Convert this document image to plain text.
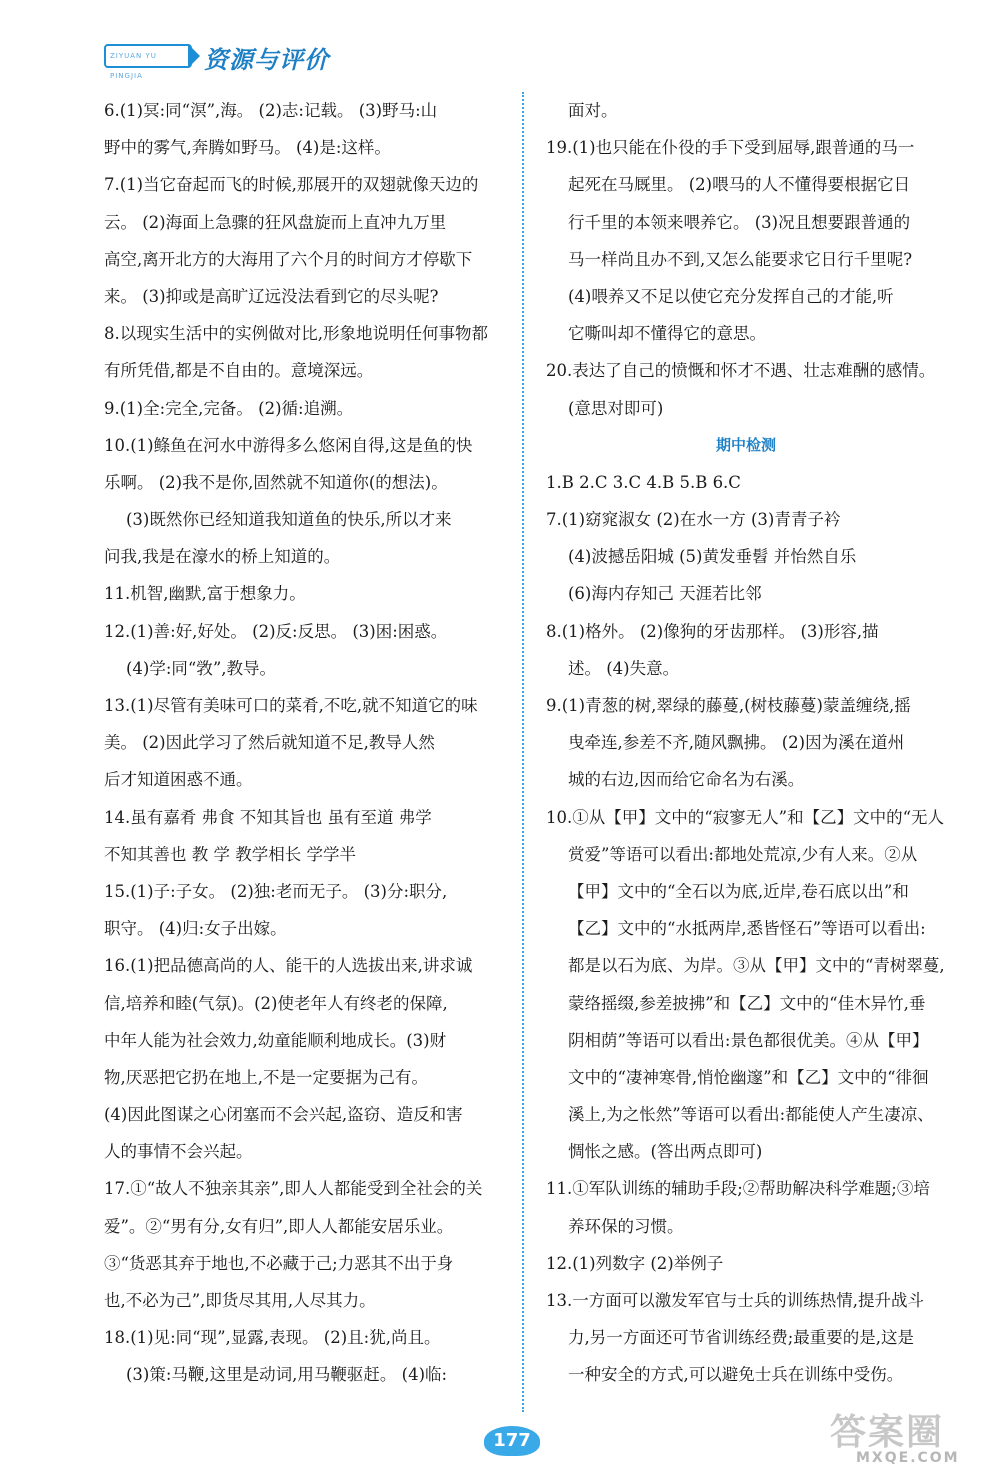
ZIYUAN YU PINGJIA
资源与评价
6.(1)冥:同“溟”,海。 (2)志:记载。 (3)野马:山
野中的雾气,奔腾如野马。 (4)是:这样。
7.(1)当它奋起而飞的时候,那展开的双翅就像天边的
云。 (2)海面上急骤的狂风盘旋而上直冲九万里
高空,离开北方的大海用了六个月的时间方才停歇下
来。 (3)抑或是高旷辽远没法看到它的尽头呢?
8.以现实生活中的实例做对比,形象地说明任何事物都
有所凭借,都是不自由的。意境深远。
9.(1)全:完全,完备。 (2)循:追溯。
10.(1)鲦鱼在河水中游得多么悠闲自得,这是鱼的快
乐啊。 (2)我不是你,固然就不知道你(的想法)。
(3)既然你已经知道我知道鱼的快乐,所以才来
问我,我是在濠水的桥上知道的。
11.机智,幽默,富于想象力。
12.(1)善:好,好处。 (2)反:反思。 (3)困:困惑。
(4)学:同“敩”,教导。
13.(1)尽管有美味可口的菜肴,不吃,就不知道它的味
美。 (2)因此学习了然后就知道不足,教导人然
后才知道困惑不通。
14.虽有嘉肴 弗食 不知其旨也 虽有至道 弗学
不知其善也 教 学 教学相长 学学半
15.(1)子:子女。 (2)独:老而无子。 (3)分:职分,
职守。 (4)归:女子出嫁。
16.(1)把品德高尚的人、能干的人选拔出来,讲求诚
信,培养和睦(气氛)。(2)使老年人有终老的保障,
中年人能为社会效力,幼童能顺利地成长。(3)财
物,厌恶把它扔在地上,不是一定要据为己有。
(4)因此图谋之心闭塞而不会兴起,盗窃、造反和害
人的事情不会兴起。
17.①“故人不独亲其亲”,即人人都能受到全社会的关
爱”。②“男有分,女有归”,即人人都能安居乐业。
③“货恶其弃于地也,不必藏于己;力恶其不出于身
也,不必为己”,即货尽其用,人尽其力。
18.(1)见:同“现”,显露,表现。 (2)且:犹,尚且。
(3)策:马鞭,这里是动词,用马鞭驱赶。 (4)临:
面对。
19.(1)也只能在仆役的手下受到屈辱,跟普通的马一
起死在马厩里。 (2)喂马的人不懂得要根据它日
行千里的本领来喂养它。 (3)况且想要跟普通的
马一样尚且办不到,又怎么能要求它日行千里呢?
(4)喂养又不足以使它充分发挥自己的才能,听
它嘶叫却不懂得它的意思。
20.表达了自己的愤慨和怀才不遇、壮志难酬的感情。
(意思对即可)
期中检测
1.B 2.C 3.C 4.B 5.B 6.C
7.(1)窈窕淑女 (2)在水一方 (3)青青子衿
(4)波撼岳阳城 (5)黄发垂髫 并怡然自乐
(6)海内存知己 天涯若比邻
8.(1)格外。 (2)像狗的牙齿那样。 (3)形容,描
述。 (4)失意。
9.(1)青葱的树,翠绿的藤蔓,(树枝藤蔓)蒙盖缠绕,摇
曳牵连,参差不齐,随风飘拂。 (2)因为溪在道州
城的右边,因而给它命名为右溪。
10.①从【甲】文中的“寂寥无人”和【乙】文中的“无人
赏爱”等语可以看出:都地处荒凉,少有人来。②从
【甲】文中的“全石以为底,近岸,卷石底以出”和
【乙】文中的“水抵两岸,悉皆怪石”等语可以看出:
都是以石为底、为岸。③从【甲】文中的“青树翠蔓,
蒙络摇缀,参差披拂”和【乙】文中的“佳木异竹,垂
阴相荫”等语可以看出:景色都很优美。④从【甲】
文中的“凄神寒骨,悄怆幽邃”和【乙】文中的“徘徊
溪上,为之怅然”等语可以看出:都能使人产生凄凉、
惆怅之感。(答出两点即可)
11.①军队训练的辅助手段;②帮助解决科学难题;③培
养环保的习惯。
12.(1)列数字 (2)举例子
13.一方面可以激发军官与士兵的训练热情,提升战斗
力,另一方面还可节省训练经费;最重要的是,这是
一种安全的方式,可以避免士兵在训练中受伤。
177	答案圈
MXQE.COM
